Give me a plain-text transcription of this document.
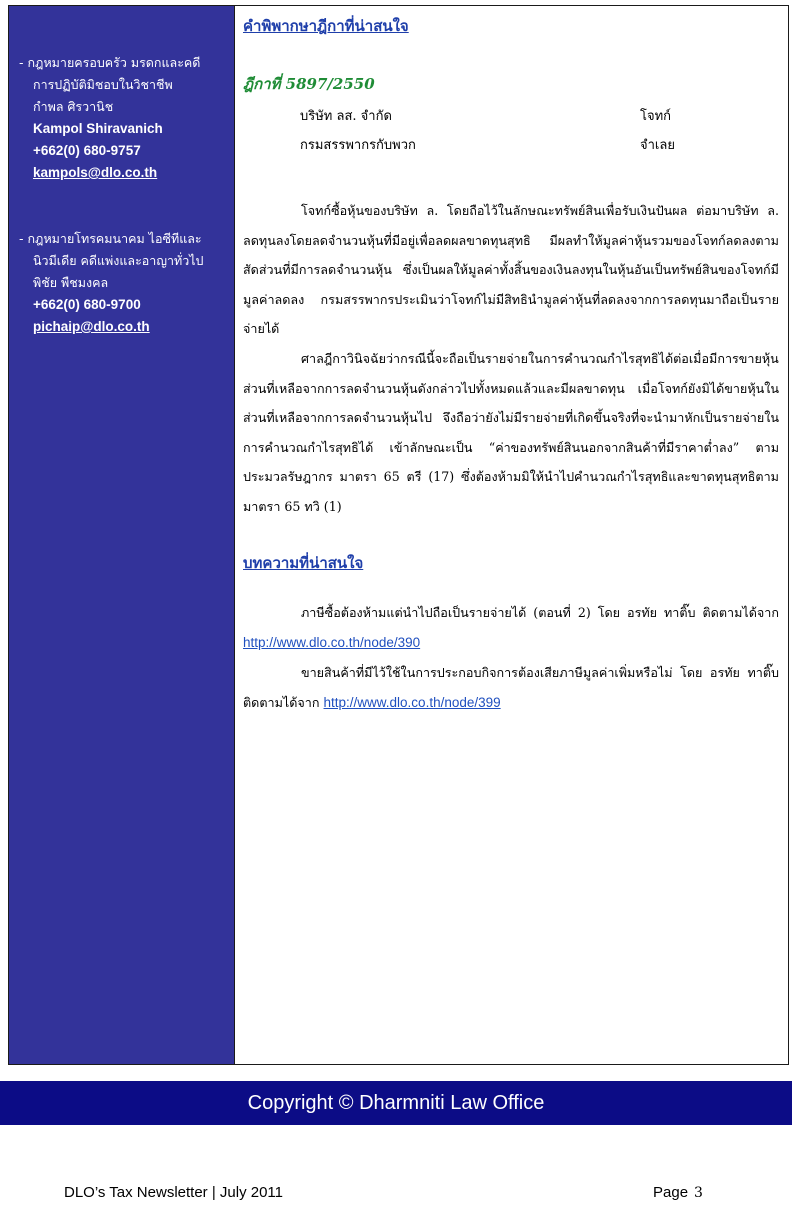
- กฎหมายครอบครัว มรดกและคดี
การปฏิบัติมิชอบในวิชาชีพ
กำพล ศิรวานิช
Kampol Shiravanich
+662(0) 680-9757
kampols@dlo.co.th
- กฎหมายโทรคมนาคม ไอซีทีและ
นิวมีเดีย คดีแพ่งและอาญาทั่วไป
พิชัย พืชมงคล
+662(0) 680-9700
pichaip@dlo.co.th
คำพิพากษาฎีกาที่น่าสนใจ
ฎีกาที่ 5897/2550
บริษัท ลส. จำกัด	โจทก์
กรมสรรพากรกับพวก	จำเลย

โจทก์ซื้อหุ้นของบริษัท ล. โดยถือไว้ในลักษณะทรัพย์สินเพื่อรับเงินปันผล ต่อมาบริษัท ล. ลดทุนลงโดยลดจำนวนหุ้นที่มีอยู่เพื่อลดผลขาดทุนสุทธิ มีผลทำให้มูลค่าหุ้นรวมของโจทก์ลดลงตามสัดส่วนที่มีการลดจำนวนหุ้น ซึ่งเป็นผลให้มูลค่าทั้งสิ้นของเงินลงทุนในหุ้นอันเป็นทรัพย์สินของโจทก์มีมูลค่าลดลง กรมสรรพากรประเมินว่าโจทก์ไม่มีสิทธินำมูลค่าหุ้นที่ลดลงจากการลดทุนมาถือเป็นรายจ่ายได้

ศาลฎีกาวินิจฉัยว่ากรณีนี้จะถือเป็นรายจ่ายในการคำนวณกำไรสุทธิได้ต่อเมื่อมีการขายหุ้นส่วนที่เหลือจากการลดจำนวนหุ้นดังกล่าวไปทั้งหมดแล้วและมีผลขาดทุน เมื่อโจทก์ยังมิได้ขายหุ้นในส่วนที่เหลือจากการลดจำนวนหุ้นไป จึงถือว่ายังไม่มีรายจ่ายที่เกิดขึ้นจริงที่จะนำมาหักเป็นรายจ่ายในการคำนวณกำไรสุทธิได้ เข้าลักษณะเป็น “ค่าของทรัพย์สินนอกจากสินค้าที่มีราคาต่ำลง” ตามประมวลรัษฎากร มาตรา 65 ตรี (17) ซึ่งต้องห้ามมิให้นำไปคำนวณกำไรสุทธิและขาดทุนสุทธิตามมาตรา 65 ทวิ (1)

บทความที่น่าสนใจ

ภาษีซื้อต้องห้ามแต่นำไปถือเป็นรายจ่ายได้ (ตอนที่ 2) โดย อรทัย ทาติ๊บ ติดตามได้จาก http://www.dlo.co.th/node/390

ขายสินค้าที่มีไว้ใช้ในการประกอบกิจการต้องเสียภาษีมูลค่าเพิ่มหรือไม่ โดย อรทัย ทาติ๊บ ติดตามได้จาก http://www.dlo.co.th/node/399

Copyright © Dharmniti Law Office
DLO’s Tax Newsletter | July 2011	Page 3
